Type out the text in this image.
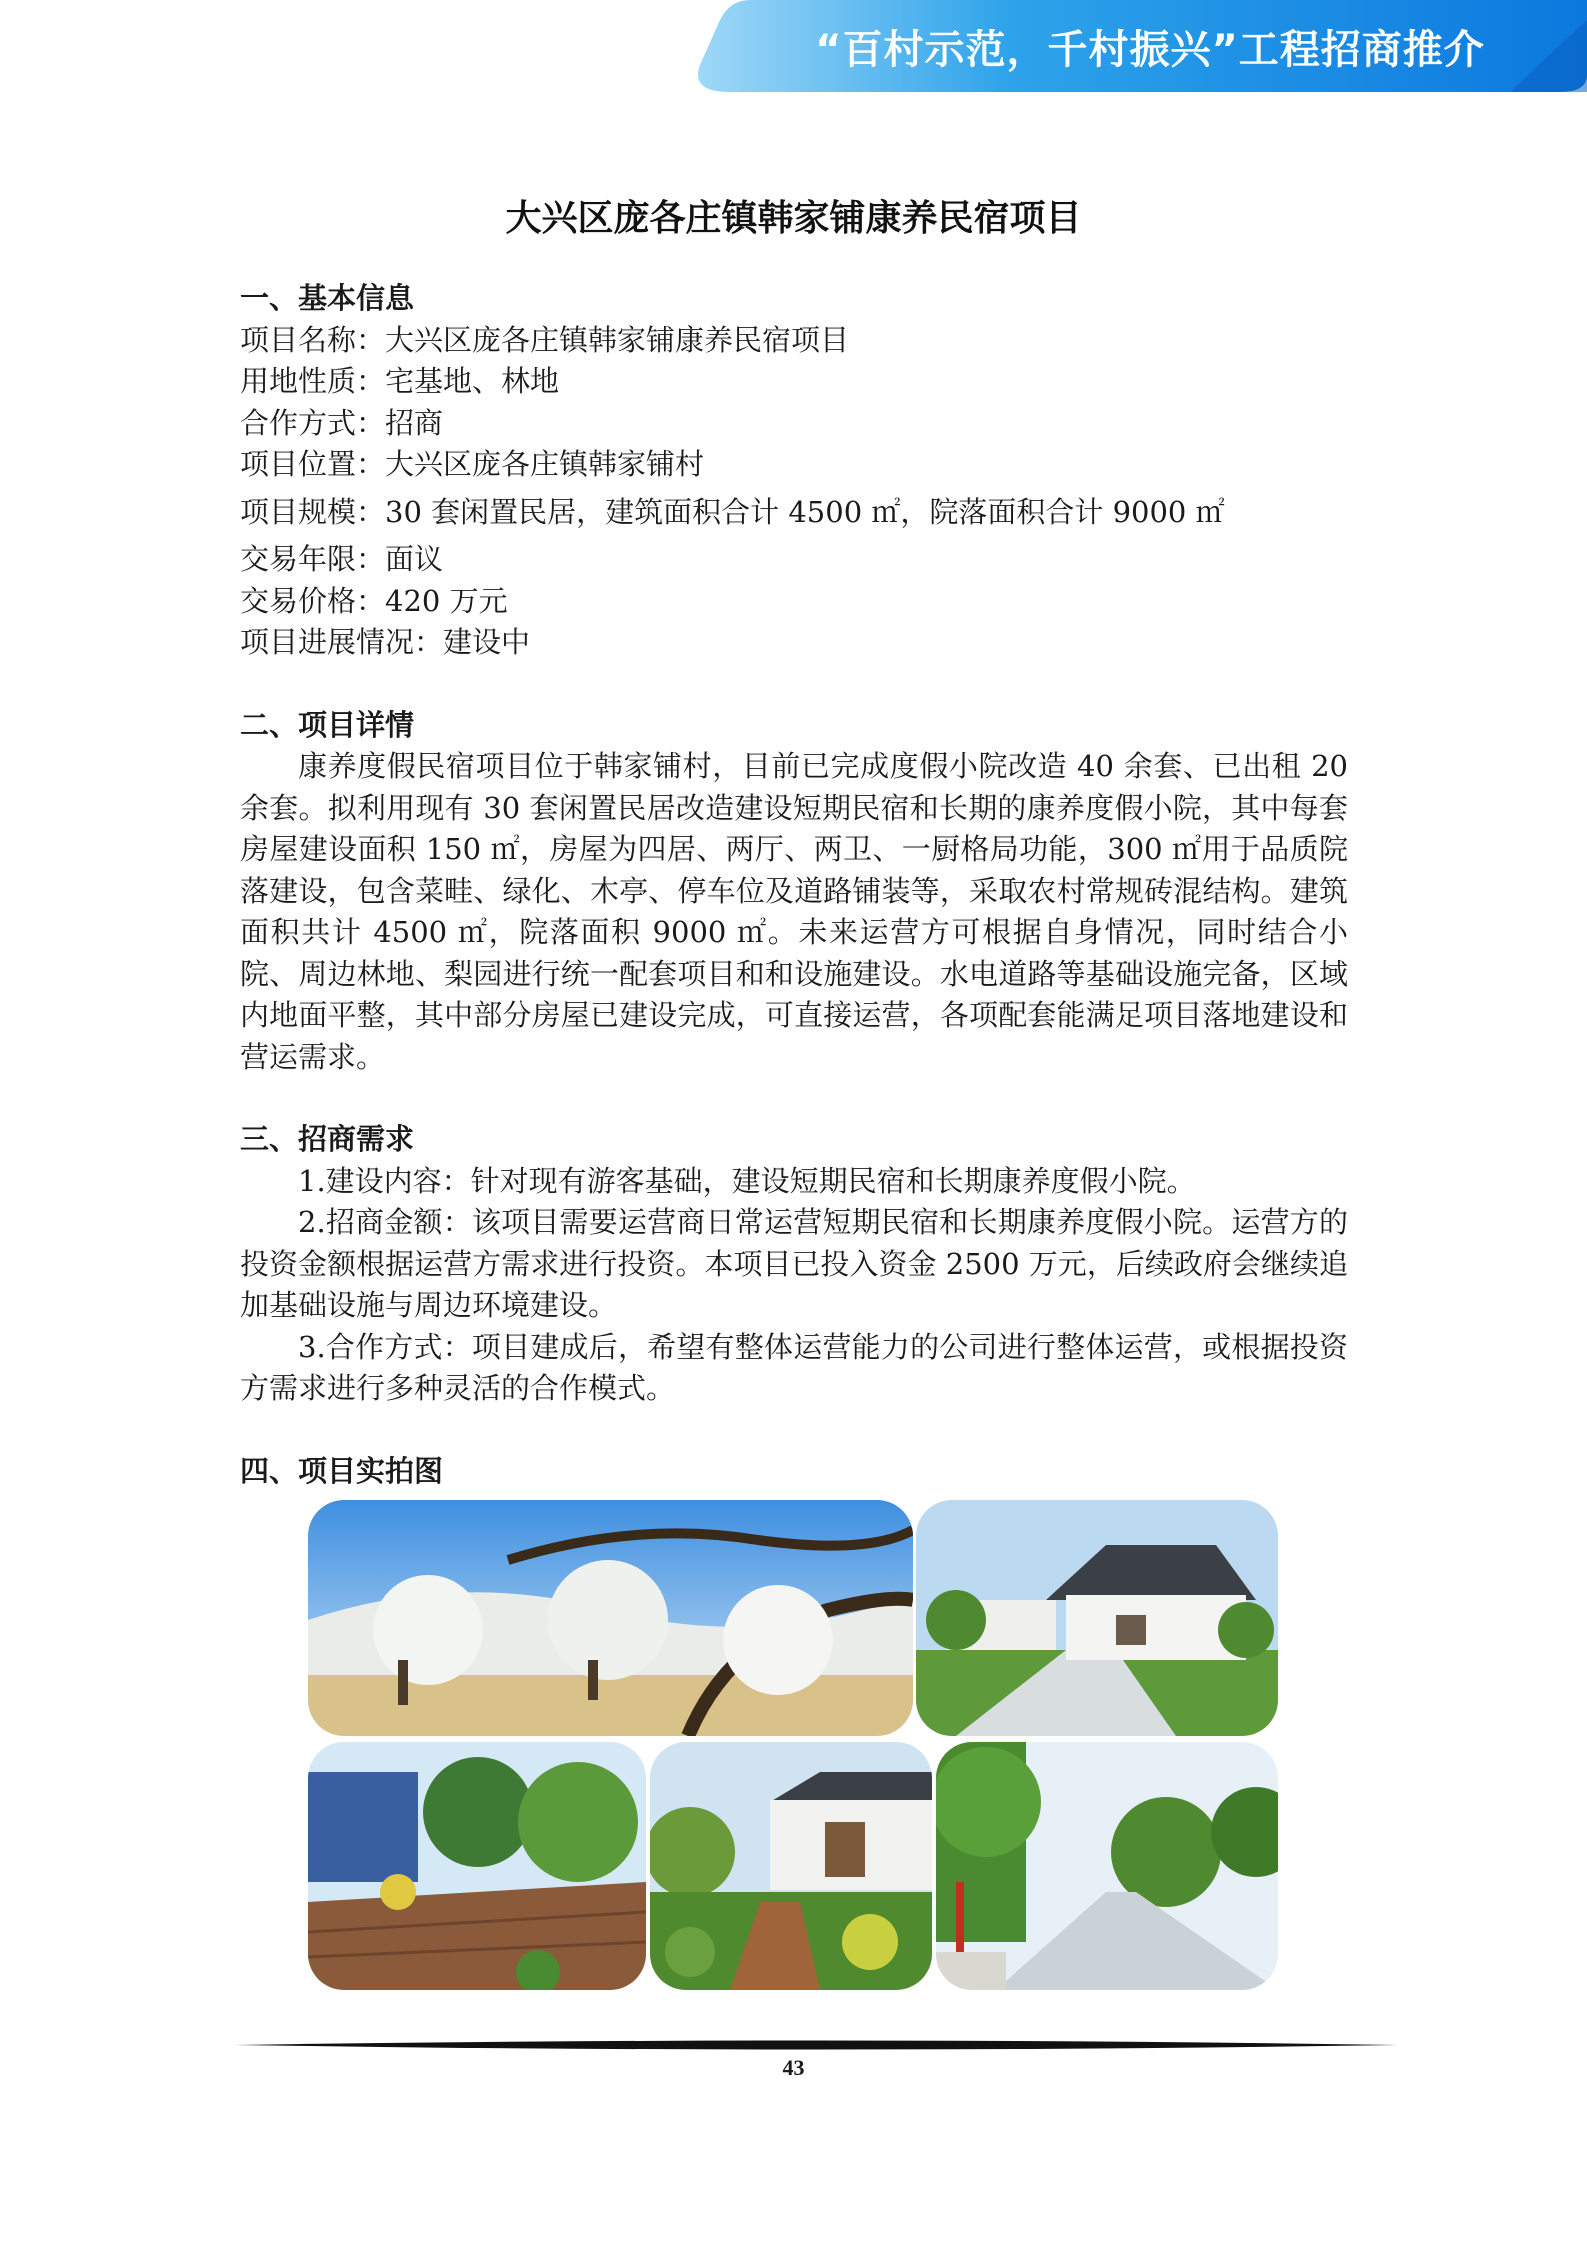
“百村示范，千村振兴”工程招商推介
大兴区庞各庄镇韩家铺康养民宿项目

一、基本信息

项目名称：大兴区庞各庄镇韩家铺康养民宿项目

用地性质：宅基地、林地

合作方式：招商

项目位置：大兴区庞各庄镇韩家铺村

项目规模：30 套闲置民居，建筑面积合计 4500 ㎡，院落面积合计 9000 ㎡

交易年限：面议

交易价格：420 万元

项目进展情况：建设中

二、项目详情

康养度假民宿项目位于韩家铺村，目前已完成度假小院改造 40 余套、已出租 20 余套。拟利用现有 30 套闲置民居改造建设短期民宿和长期的康养度假小院，其中每套房屋建设面积 150 ㎡，房屋为四居、两厅、两卫、一厨格局功能，300 ㎡用于品质院落建设，包含菜畦、绿化、木亭、停车位及道路铺装等，采取农村常规砖混结构。建筑面积共计 4500 ㎡，院落面积 9000 ㎡。未来运营方可根据自身情况，同时结合小院、周边林地、梨园进行统一配套项目和和设施建设。水电道路等基础设施完备，区域内地面平整，其中部分房屋已建设完成，可直接运营，各项配套能满足项目落地建设和营运需求。

三、招商需求

1.建设内容：针对现有游客基础，建设短期民宿和长期康养度假小院。

2.招商金额：该项目需要运营商日常运营短期民宿和长期康养度假小院。运营方的投资金额根据运营方需求进行投资。本项目已投入资金 2500 万元，后续政府会继续追加基础设施与周边环境建设。

3.合作方式：项目建成后，希望有整体运营能力的公司进行整体运营，或根据投资方需求进行多种灵活的合作模式。

四、项目实拍图

43
